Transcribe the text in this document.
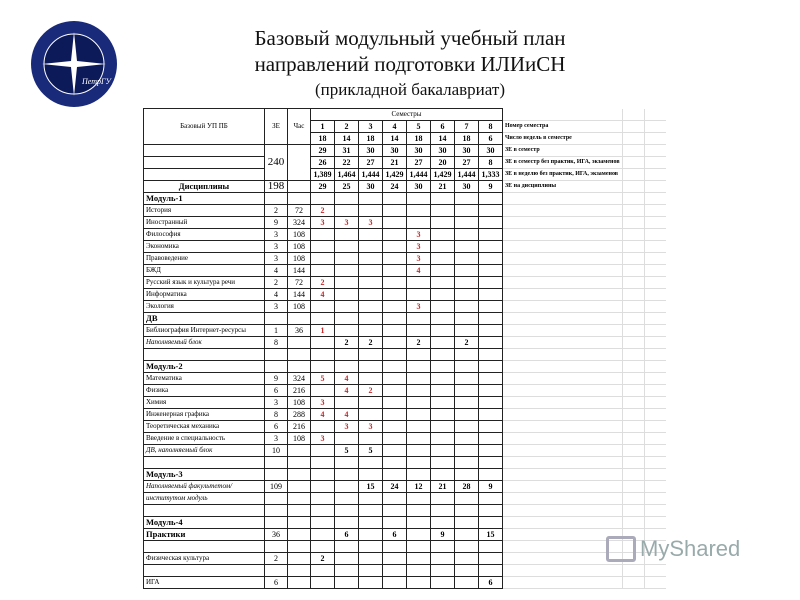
ПетрГУ
Базовый модульный учебный план
направлений подготовки ИЛИиСН
(прикладной бакалавриат)
Базовый УП ПБ	ЗЕ	Час	Семестры										
			1	2	3	4	5	6	7	8	Номер семестра		
			18	14	18	14	18	14	18	6	Число недель в семестре		
	240		29	31	30	30	30	30	30	30	ЗЕ в семестр		
			26	22	27	21	27	20	27	8	ЗЕ в семестр без практик, ИГА, экзаменов		
			1,389	1,464	1,444	1,429	1,444	1,429	1,444	1,333	ЗЕ в неделю без практик, ИГА, экзаменов		
Дисциплины	198		29	25	30	24	30	21	30	9	ЗЕ на дисциплины		
Модуль-1													
История	2	72	2										
Иностранный	9	324	3	3	3								
Философия	3	108					3						
Экономика	3	108					3						
Правоведение	3	108					3						
БЖД	4	144					4						
Русский язык и культура речи	2	72	2										
Информатика	4	144	4										
Экология	3	108					3						
ДВ													
Библиография Интернет-ресурсы	1	36	1										
Наполняемый блок	8			2	2		2		2				

Модуль-2													
Математика	9	324	5	4									
Физика	6	216		4	2								
Химия	3	108	3										
Инженерная графика	8	288	4	4									
Теоретическая механика	6	216		3	3								
Введение в специальность	3	108	3										
ДВ, наполняемый блок	10			5	5								

Модуль-3													
Наполняемый факультетом/	109				15	24	12	21	28	9			
институтом модуль													

Модуль-4													
Практики	36			6		6		9		15			

Физическая культура	2		2										

ИГА	6									6			
MyShared
